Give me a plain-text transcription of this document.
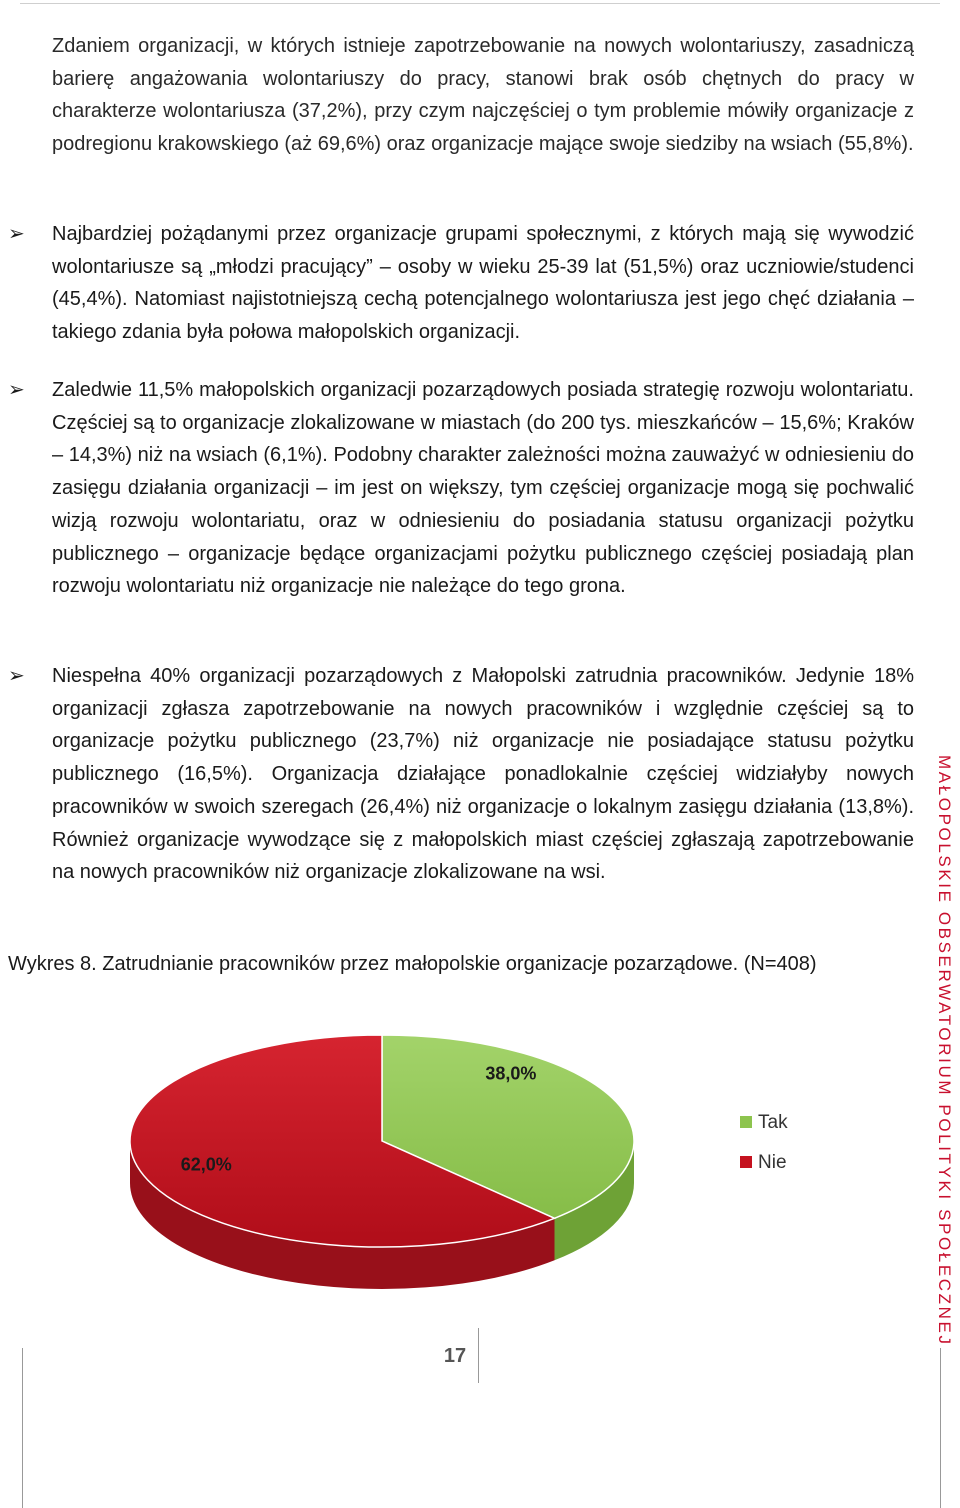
Zdaniem organizacji, w których istnieje zapotrzebowanie na nowych wolontariuszy, zasadniczą barierę angażowania wolontariuszy do pracy, stanowi brak osób chętnych do pracy w charakterze wolontariusza (37,2%), przy czym najczęściej o tym problemie mówiły organizacje z podregionu krakowskiego (aż 69,6%) oraz organizacje mające swoje siedziby na wsiach (55,8%).

➢ Najbardziej pożądanymi przez organizacje grupami społecznymi, z których mają się wywodzić wolontariusze są „młodzi pracujący” – osoby w wieku 25-39 lat (51,5%) oraz uczniowie/studenci (45,4%). Natomiast najistotniejszą cechą potencjalnego wolontariusza jest jego chęć działania – takiego zdania była połowa małopolskich organizacji.

➢ Zaledwie 11,5% małopolskich organizacji pozarządowych posiada strategię rozwoju wolontariatu. Częściej są to organizacje zlokalizowane w miastach (do 200 tys. mieszkańców – 15,6%; Kraków – 14,3%) niż na wsiach (6,1%). Podobny charakter zależności można zauważyć w odniesieniu do zasięgu działania organizacji – im jest on większy, tym częściej organizacje mogą się pochwalić wizją rozwoju wolontariatu, oraz w odniesieniu do posiadania statusu organizacji pożytku publicznego – organizacje będące organizacjami pożytku publicznego częściej posiadają plan rozwoju wolontariatu niż organizacje nie należące do tego grona.

➢ Niespełna 40% organizacji pozarządowych z Małopolski zatrudnia pracowników. Jedynie 18% organizacji zgłasza zapotrzebowanie na nowych pracowników i względnie częściej są to organizacje pożytku publicznego (23,7%) niż organizacje nie posiadające statusu pożytku publicznego (16,5%). Organizacja działające ponadlokalnie częściej widziałyby nowych pracowników w swoich szeregach (26,4%) niż organizacje o lokalnym zasięgu działania (13,8%). Również organizacje wywodzące się z małopolskich miast częściej zgłaszają zapotrzebowanie na nowych pracowników niż organizacje zlokalizowane na wsi.

Wykres 8. Zatrudnianie pracowników przez małopolskie organizacje pozarządowe. (N=408)

38,0%
62,0%
Tak
Nie	MAŁOPOLSKIE OBSERWATORIUM POLITYKI SPOŁECZNEJ
17
